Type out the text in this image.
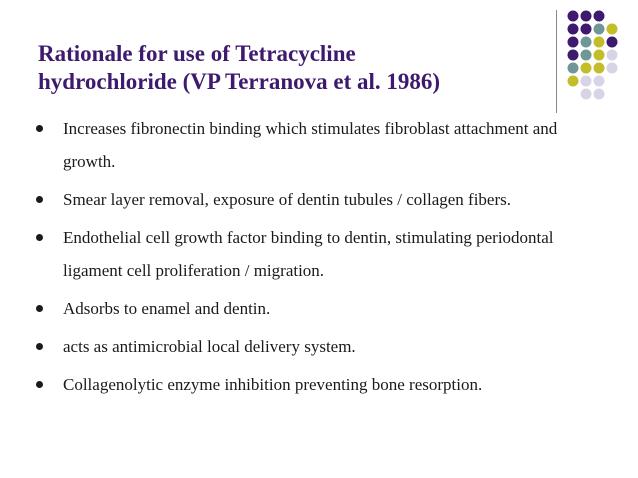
Rationale for use of Tetracycline
hydrochloride (VP Terranova et al. 1986)
Increases fibronectin binding which stimulates fibroblast attachment and growth.
Smear layer removal, exposure of dentin tubules / collagen fibers.
Endothelial cell growth factor binding to dentin, stimulating periodontal ligament cell proliferation / migration.
Adsorbs to enamel and dentin.
acts as antimicrobial local delivery system.
Collagenolytic enzyme inhibition preventing bone resorption.
